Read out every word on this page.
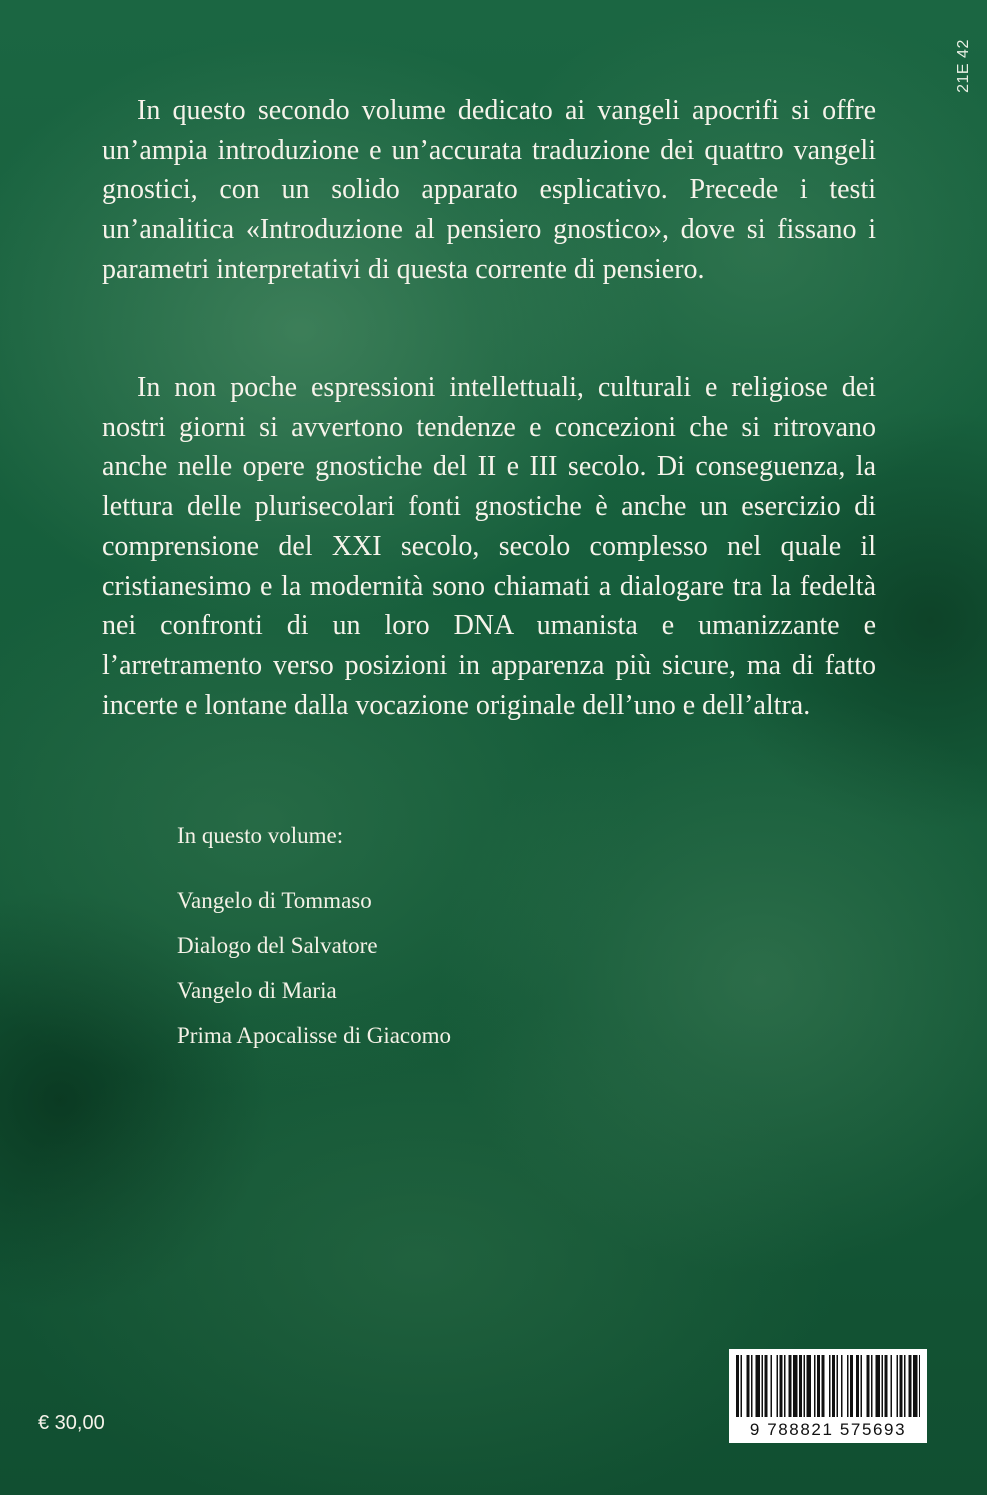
21E 42

In questo secondo volume dedicato ai vangeli apocrifi si offre un’ampia introduzione e un’accurata traduzione dei quattro vangeli gnostici, con un solido apparato esplicativo. Precede i testi un’analitica «Introduzione al pensiero gnostico», dove si fissano i parametri interpretativi di questa corrente di pensiero.

In non poche espressioni intellettuali, culturali e religiose dei nostri giorni si avvertono tendenze e concezioni che si ritrovano anche nelle opere gnostiche del II e III secolo. Di conseguenza, la lettura delle plurisecolari fonti gnostiche è anche un esercizio di comprensione del XXI secolo, secolo complesso nel quale il cristianesimo e la modernità sono chiamati a dialogare tra la fedeltà nei confronti di un loro DNA umanista e umanizzante e l’arretramento verso posizioni in apparenza più sicure, ma di fatto incerte e lontane dalla vocazione originale dell’uno e dell’altra.

In questo volume:
Vangelo di Tommaso
Dialogo del Salvatore
Vangelo di Maria
Prima Apocalisse di Giacomo
€ 30,00	9 788821 575693
